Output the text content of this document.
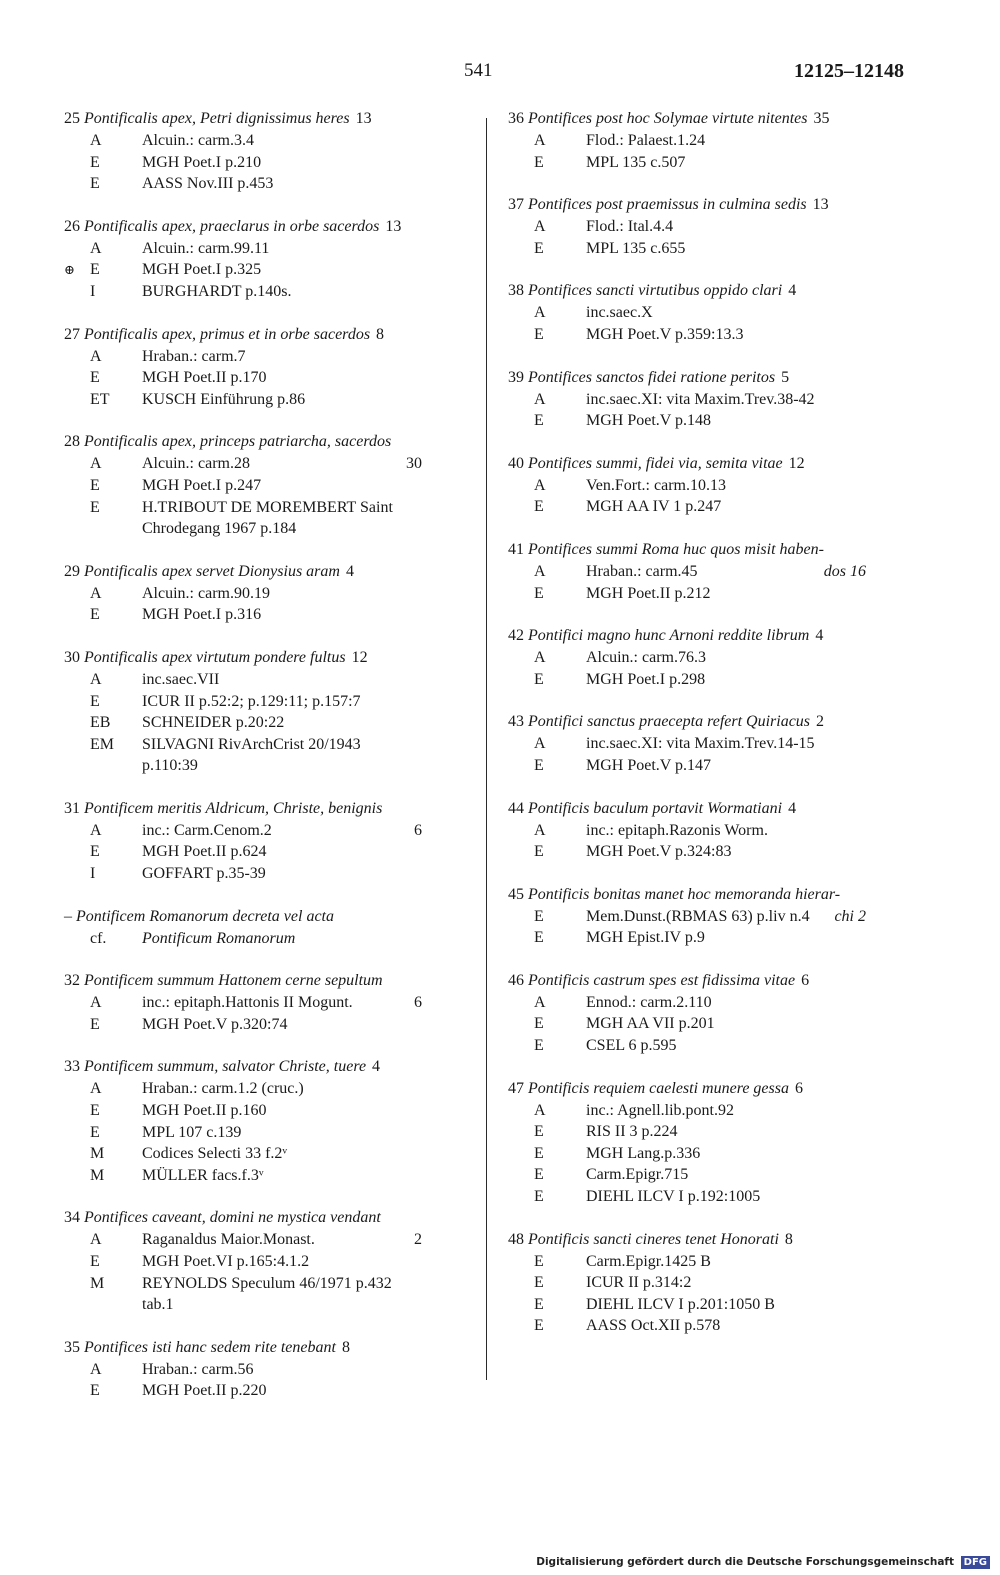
541	12125–12148
25 Pontificalis apex, Petri dignissimus heres 13
A	Alcuin.: carm.3.4
E	MGH Poet.I p.210
E	AASS Nov.III p.453
26 Pontificalis apex, praeclarus in orbe sacerdos 13
A	Alcuin.: carm.99.11
⊕ E	MGH Poet.I p.325
I	BURGHARDT p.140s.
27 Pontificalis apex, primus et in orbe sacerdos 8
A	Hraban.: carm.7
E	MGH Poet.II p.170
ET	KUSCH Einführung p.86
28 Pontificalis apex, princeps patriarcha, sacerdos
A	Alcuin.: carm.28	30
E	MGH Poet.I p.247
E	H.TRIBOUT DE MOREMBERT Saint
Chrodegang 1967 p.184
29 Pontificalis apex servet Dionysius aram 4
A	Alcuin.: carm.90.19
E	MGH Poet.I p.316
30 Pontificalis apex virtutum pondere fultus 12
A	inc.saec.VII
E	ICUR II p.52:2; p.129:11; p.157:7
EB	SCHNEIDER p.20:22
EM	SILVAGNI RivArchCrist 20/1943
p.110:39
31 Pontificem meritis Aldricum, Christe, benignis
A	inc.: Carm.Cenom.2	6
E	MGH Poet.II p.624
I	GOFFART p.35-39
– Pontificem Romanorum decreta vel acta
cf.	Pontificum Romanorum
32 Pontificem summum Hattonem cerne sepultum
A	inc.: epitaph.Hattonis II Mogunt.	6
E	MGH Poet.V p.320:74
33 Pontificem summum, salvator Christe, tuere 4
A	Hraban.: carm.1.2 (cruc.)
E	MGH Poet.II p.160
E	MPL 107 c.139
M	Codices Selecti 33 f.2ᵛ
M	MÜLLER facs.f.3ᵛ
34 Pontifices caveant, domini ne mystica vendant
A	Raganaldus Maior.Monast.	2
E	MGH Poet.VI p.165:4.1.2
M	REYNOLDS Speculum 46/1971 p.432
tab.1
35 Pontifices isti hanc sedem rite tenebant 8
A	Hraban.: carm.56
E	MGH Poet.II p.220
36 Pontifices post hoc Solymae virtute nitentes 35
A	Flod.: Palaest.1.24
E	MPL 135 c.507
37 Pontifices post praemissus in culmina sedis 13
A	Flod.: Ital.4.4
E	MPL 135 c.655
38 Pontifices sancti virtutibus oppido clari 4
A	inc.saec.X
E	MGH Poet.V p.359:13.3
39 Pontifices sanctos fidei ratione peritos 5
A	inc.saec.XI: vita Maxim.Trev.38-42
E	MGH Poet.V p.148
40 Pontifices summi, fidei via, semita vitae 12
A	Ven.Fort.: carm.10.13
E	MGH AA IV 1 p.247
41 Pontifices summi Roma huc quos misit haben-
A	Hraban.: carm.45	dos 16
E	MGH Poet.II p.212
42 Pontifici magno hunc Arnoni reddite librum 4
A	Alcuin.: carm.76.3
E	MGH Poet.I p.298
43 Pontifici sanctus praecepta refert Quiriacus 2
A	inc.saec.XI: vita Maxim.Trev.14-15
E	MGH Poet.V p.147
44 Pontificis baculum portavit Wormatiani 4
A	inc.: epitaph.Razonis Worm.
E	MGH Poet.V p.324:83
45 Pontificis bonitas manet hoc memoranda hierar-
E	Mem.Dunst.(RBMAS 63) p.liv n.4	chi 2
E	MGH Epist.IV p.9
46 Pontificis castrum spes est fidissima vitae 6
A	Ennod.: carm.2.110
E	MGH AA VII p.201
E	CSEL 6 p.595
47 Pontificis requiem caelesti munere gessa 6
A	inc.: Agnell.lib.pont.92
E	RIS II 3 p.224
E	MGH Lang.p.336
E	Carm.Epigr.715
E	DIEHL ILCV I p.192:1005
48 Pontificis sancti cineres tenet Honorati 8
E	Carm.Epigr.1425 B
E	ICUR II p.314:2
E	DIEHL ILCV I p.201:1050 B
E	AASS Oct.XII p.578
Digitalisierung gefördert durch die Deutsche Forschungsgemeinschaft DFG
